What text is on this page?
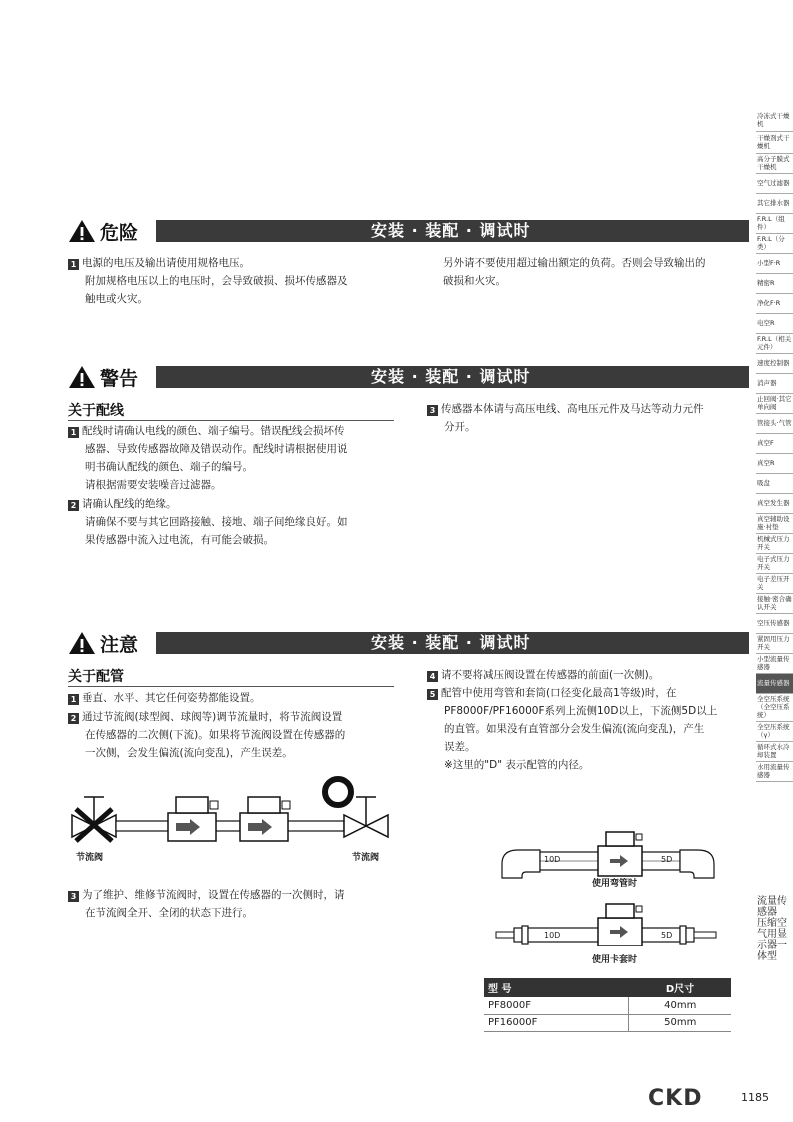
冷冻式干燥机
干燥剂式干燥机
高分子膜式干燥机
空气过滤器
其它排水器
F.R.L（组件）
F.R.L（分类）
小型F·R
精密R
净化F·R
电空R
F.R.L（相关元件）
速度控制器
消声器
止回阀·其它单向阀
管接头·气管
真空F
真空R
吸盘
真空发生器
真空辅助设施·衬垫
机械式压力开关
电子式压力开关
电子差压开关
接触·密合确认开关
空压传感器
紧固用压力开关
小型流量传感器
流量传感器
全空压系统（全空压系统）
全空压系统（γ）
循环式水冷却装置
水用流量传感器
流量传感器 压缩空气用显示器一体型
危险	安装 · 装配 · 调试时

1 电源的电压及输出请使用规格电压。

附加规格电压以上的电压时，会导致破损、损坏传感器及

触电或火灾。

另外请不要使用超过输出额定的负荷。否则会导致输出的

破损和火灾。

警告	安装 · 装配 · 调试时
关于配线

1 配线时请确认电线的颜色、端子编号。错误配线会损坏传

感器、导致传感器故障及错误动作。配线时请根据使用说

明书确认配线的颜色、端子的编号。

请根据需要安装噪音过滤器。

2 请确认配线的绝缘。

请确保不要与其它回路接触、接地、端子间绝缘良好。如

果传感器中流入过电流，有可能会破损。

3 传感器本体请与高压电线、高电压元件及马达等动力元件

分开。

注意	安装 · 装配 · 调试时
关于配管

1 垂直、水平、其它任何姿势都能设置。

2 通过节流阀(球型阀、球阀等)调节流量时，将节流阀设置

在传感器的二次侧(下流)。如果将节流阀设置在传感器的

一次侧，会发生偏流(流向变乱)，产生误差。

节流阀	节流阀

3 为了维护、维修节流阀时，设置在传感器的一次侧时，请

在节流阀全开、全闭的状态下进行。

4 请不要将减压阀设置在传感器的前面(一次侧)。

5 配管中使用弯管和套筒(口径变化最高1等级)时，在

PF8000F/PF16000F系列上流侧10D以上，下流侧5D以上

的直管。如果没有直管部分会发生偏流(流向变乱)，产生

误差。

※这里的"D" 表示配管的内径。

10D	5D
使用弯管时
10D	5D
使用卡套时
型 号	D尺寸
PF8000F	40mm
PF16000F	50mm
CKD	1185
